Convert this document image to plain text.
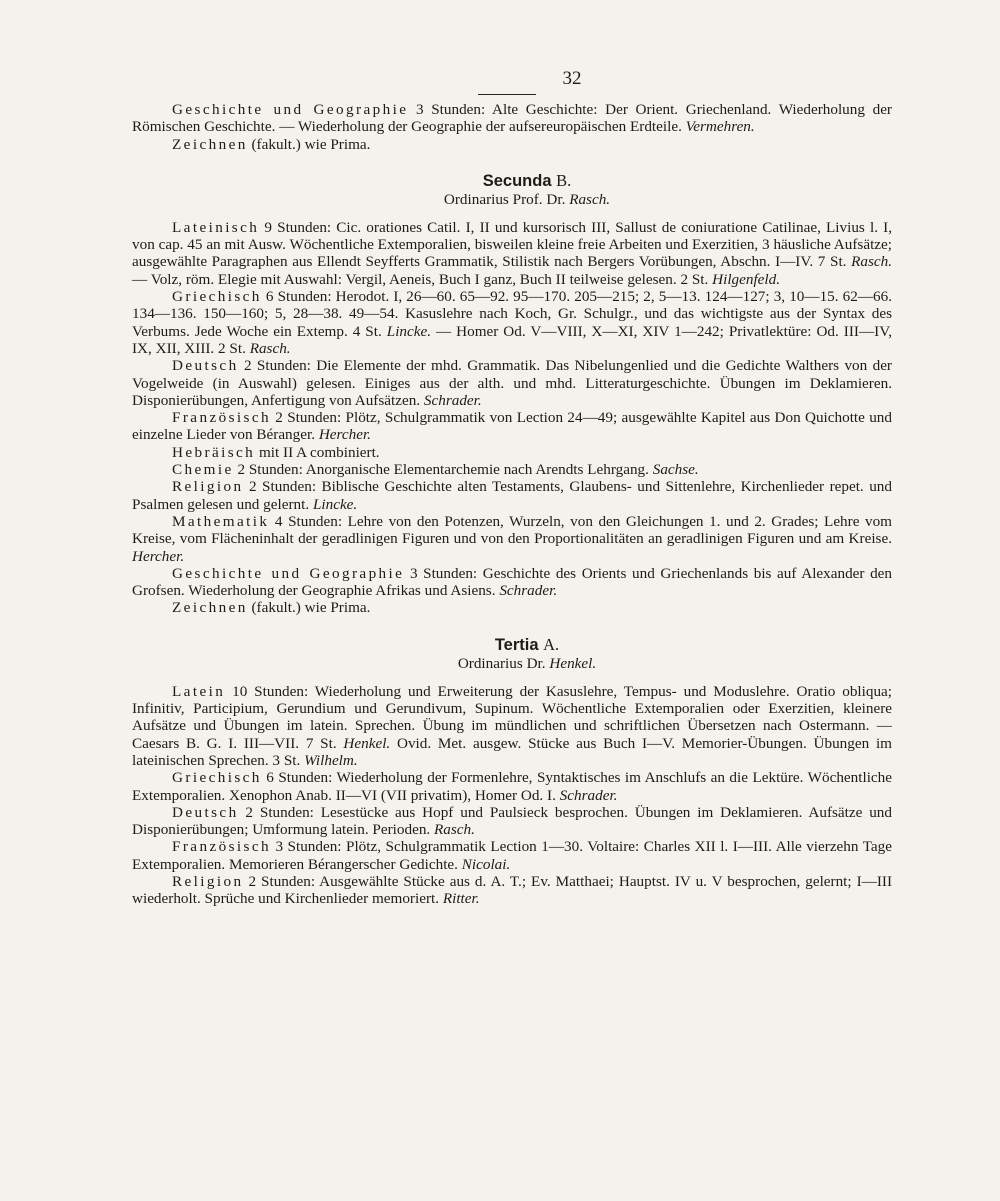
32

Geschichte und Geographie 3 Stunden: Alte Geschichte: Der Orient. Griechenland. Wiederholung der Römischen Geschichte. — Wiederholung der Geographie der aufsereuropäischen Erdteile. Vermehren.

Zeichnen (fakult.) wie Prima.

Secunda B.
Ordinarius Prof. Dr. Rasch.

Lateinisch 9 Stunden: Cic. orationes Catil. I, II und kursorisch III, Sallust de coniuratione Catilinae, Livius l. I, von cap. 45 an mit Ausw. Wöchentliche Extemporalien, bisweilen kleine freie Arbeiten und Exerzitien, 3 häusliche Aufsätze; ausgewählte Paragraphen aus Ellendt Seyfferts Grammatik, Stilistik nach Bergers Vorübungen, Abschn. I—IV. 7 St. Rasch. — Volz, röm. Elegie mit Auswahl: Vergil, Aeneis, Buch I ganz, Buch II teilweise gelesen. 2 St. Hilgenfeld.

Griechisch 6 Stunden: Herodot. I, 26—60. 65—92. 95—170. 205—215; 2, 5—13. 124—127; 3, 10—15. 62—66. 134—136. 150—160; 5, 28—38. 49—54. Kasuslehre nach Koch, Gr. Schulgr., und das wichtigste aus der Syntax des Verbums. Jede Woche ein Extemp. 4 St. Lincke. — Homer Od. V—VIII, X—XI, XIV 1—242; Privatlektüre: Od. III—IV, IX, XII, XIII. 2 St. Rasch.

Deutsch 2 Stunden: Die Elemente der mhd. Grammatik. Das Nibelungenlied und die Gedichte Walthers von der Vogelweide (in Auswahl) gelesen. Einiges aus der alth. und mhd. Litteraturgeschichte. Übungen im Deklamieren. Disponierübungen, Anfertigung von Aufsätzen. Schrader.

Französisch 2 Stunden: Plötz, Schulgrammatik von Lection 24—49; ausgewählte Kapitel aus Don Quichotte und einzelne Lieder von Béranger. Hercher.

Hebräisch mit II A combiniert.

Chemie 2 Stunden: Anorganische Elementarchemie nach Arendts Lehrgang. Sachse.

Religion 2 Stunden: Biblische Geschichte alten Testaments, Glaubens- und Sittenlehre, Kirchenlieder repet. und Psalmen gelesen und gelernt. Lincke.

Mathematik 4 Stunden: Lehre von den Potenzen, Wurzeln, von den Gleichungen 1. und 2. Grades; Lehre vom Kreise, vom Flächeninhalt der geradlinigen Figuren und von den Proportionalitäten an geradlinigen Figuren und am Kreise. Hercher.

Geschichte und Geographie 3 Stunden: Geschichte des Orients und Griechenlands bis auf Alexander den Grofsen. Wiederholung der Geographie Afrikas und Asiens. Schrader.

Zeichnen (fakult.) wie Prima.

Tertia A.
Ordinarius Dr. Henkel.

Latein 10 Stunden: Wiederholung und Erweiterung der Kasuslehre, Tempus- und Moduslehre. Oratio obliqua; Infinitiv, Participium, Gerundium und Gerundivum, Supinum. Wöchentliche Extemporalien oder Exerzitien, kleinere Aufsätze und Übungen im latein. Sprechen. Übung im mündlichen und schriftlichen Übersetzen nach Ostermann. — Caesars B. G. I. III—VII. 7 St. Henkel. Ovid. Met. ausgew. Stücke aus Buch I—V. Memorier-Übungen. Übungen im lateinischen Sprechen. 3 St. Wilhelm.

Griechisch 6 Stunden: Wiederholung der Formenlehre, Syntaktisches im Anschlufs an die Lektüre. Wöchentliche Extemporalien. Xenophon Anab. II—VI (VII privatim), Homer Od. I. Schrader.

Deutsch 2 Stunden: Lesestücke aus Hopf und Paulsieck besprochen. Übungen im Deklamieren. Aufsätze und Disponierübungen; Umformung latein. Perioden. Rasch.

Französisch 3 Stunden: Plötz, Schulgrammatik Lection 1—30. Voltaire: Charles XII l. I—III. Alle vierzehn Tage Extemporalien. Memorieren Bérangerscher Gedichte. Nicolai.

Religion 2 Stunden: Ausgewählte Stücke aus d. A. T.; Ev. Matthaei; Hauptst. IV u. V besprochen, gelernt; I—III wiederholt. Sprüche und Kirchenlieder memoriert. Ritter.
